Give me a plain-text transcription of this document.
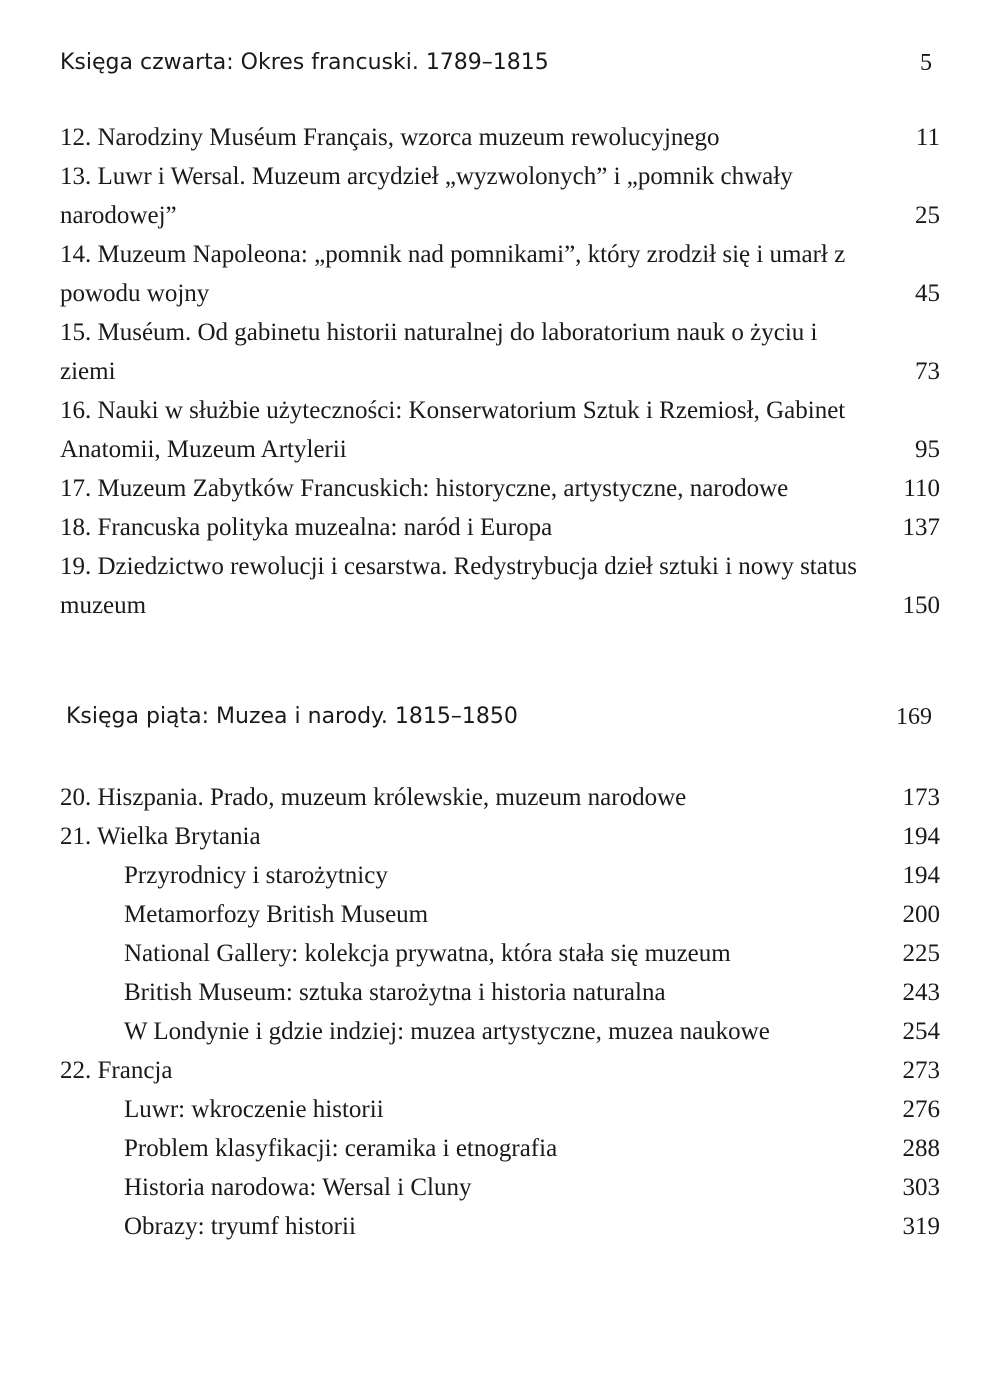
Księga czwarta: Okres francuski. 1789–1815	5
12. Narodziny Muséum Français, wzorca muzeum rewolucyjnego	11
13. Luwr i Wersal. Muzeum arcydzieł „wyzwolonych” i „pomnik chwały narodowej”	25
14. Muzeum Napoleona: „pomnik nad pomnikami”, który zrodził się i umarł z powodu wojny	45
15. Muséum. Od gabinetu historii naturalnej do laboratorium nauk o życiu i ziemi	73
16. Nauki w służbie użyteczności: Konserwatorium Sztuk i Rzemiosł, Gabinet Anatomii, Muzeum Artylerii	95
17. Muzeum Zabytków Francuskich: historyczne, artystyczne, narodowe	110
18. Francuska polityka muzealna: naród i Europa	137
19. Dziedzictwo rewolucji i cesarstwa. Redystrybucja dzieł sztuki i nowy status muzeum	150
Księga piąta: Muzea i narody. 1815–1850	169
20. Hiszpania. Prado, muzeum królewskie, muzeum narodowe	173
21. Wielka Brytania	194
Przyrodnicy i starożytnicy	194
Metamorfozy British Museum	200
National Gallery: kolekcja prywatna, która stała się muzeum	225
British Museum: sztuka starożytna i historia naturalna	243
W Londynie i gdzie indziej: muzea artystyczne, muzea naukowe	254
22. Francja	273
Luwr: wkroczenie historii	276
Problem klasyfikacji: ceramika i etnografia	288
Historia narodowa: Wersal i Cluny	303
Obrazy: tryumf historii	319
